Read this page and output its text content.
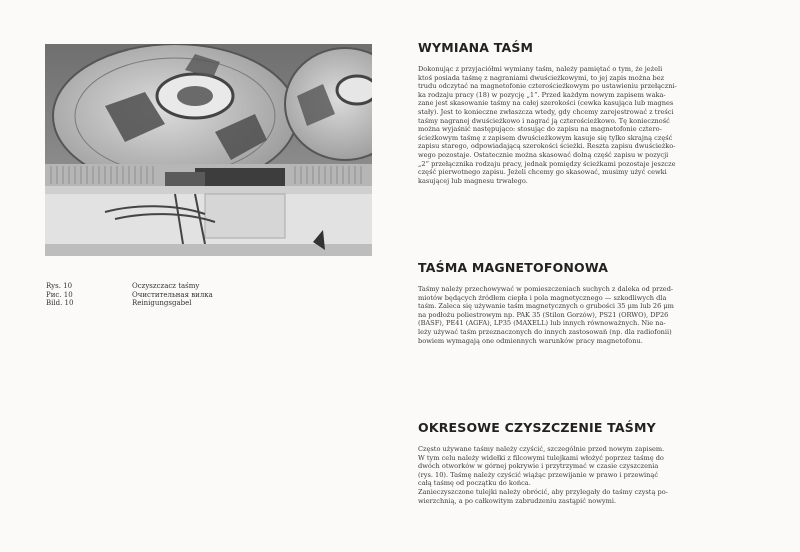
Rys. 10	Oczyszczacz taśmy
Рис. 10	Очистительная вилка
Bild. 10	Reinigungsgabel
WYMIANA TAŚM

Dokonując z przyjaciółmi wymiany taśm, należy pamiętać o tym, że jeżeli
ktoś posiada taśmę z nagraniami dwuścieżkowymi, to jej zapis można bez
trudu odczytać na magnetofonie czterościeżkowym po ustawieniu przełączni-
ka rodzaju pracy (18) w pozycję „1”. Przed każdym nowym zapisem waka-
zane jest skasowanie taśmy na całej szerokości (cewka kasująca lub magnes
stały). Jest to konieczne zwłaszcza wtedy, gdy chcemy zarejestrować z treści
taśmy nagranej dwuścieżkowo i nagrać ją czterościeżkowo. Tę konieczność
można wyjaśnić następująco: stosując do zapisu na magnetofonie cztero-
ścieżkowym taśmę z zapisem dwuścieżkowym kasuje się tylko skrajną część
zapisu starego, odpowiadającą szerokości ścieżki. Reszta zapisu dwuścieżko-
wego pozostaje. Ostatecznie można skasować dolną część zapisu w pozycji
„2” przełącznika rodzaju pracy, jednak pomiędzy ścieżkami pozostaje jeszcze
część pierwotnego zapisu. Jeżeli chcemy go skasować, musimy użyć cewki
kasującej lub magnesu trwałego.

TAŚMA MAGNETOFONOWA

Taśmy należy przechowywać w pomieszczeniach suchych z daleka od przed-
miotów będących źródłem ciepła i pola magnetycznego — szkodliwych dla
taśm. Zaleca się używanie taśm magnetycznych o grubości 35 μm lub 26 μm
na podłożu poliestrowym np. PAK 35 (Stilon Gorzów), PS21 (ORWO), DP26
(BASF), PE41 (AGFA), LP35 (MAXELL) lub innych równoważnych. Nie na-
leży używać taśm przeznaczonych do innych zastosowań (np. dla radiofonii)
bowiem wymagają one odmiennych warunków pracy magnetofonu.

OKRESOWE CZYSZCZENIE TAŚMY

Często używane taśmy należy czyścić, szczególnie przed nowym zapisem.
W tym celu należy widełki z filcowymi tulejkami włożyć poprzez taśmę do
dwóch otworków w górnej pokrywie i przytrzymać w czasie czyszczenia
(rys. 10). Taśmę należy czyścić wiążąc przewijanie w prawo i przewinąć
całą taśmę od początku do końca.
Zanieczyszczone tulejki należy obrócić, aby przylegały do taśmy czystą po-
wierzchnią, a po całkowitym zabrudzeniu zastąpić nowymi.
